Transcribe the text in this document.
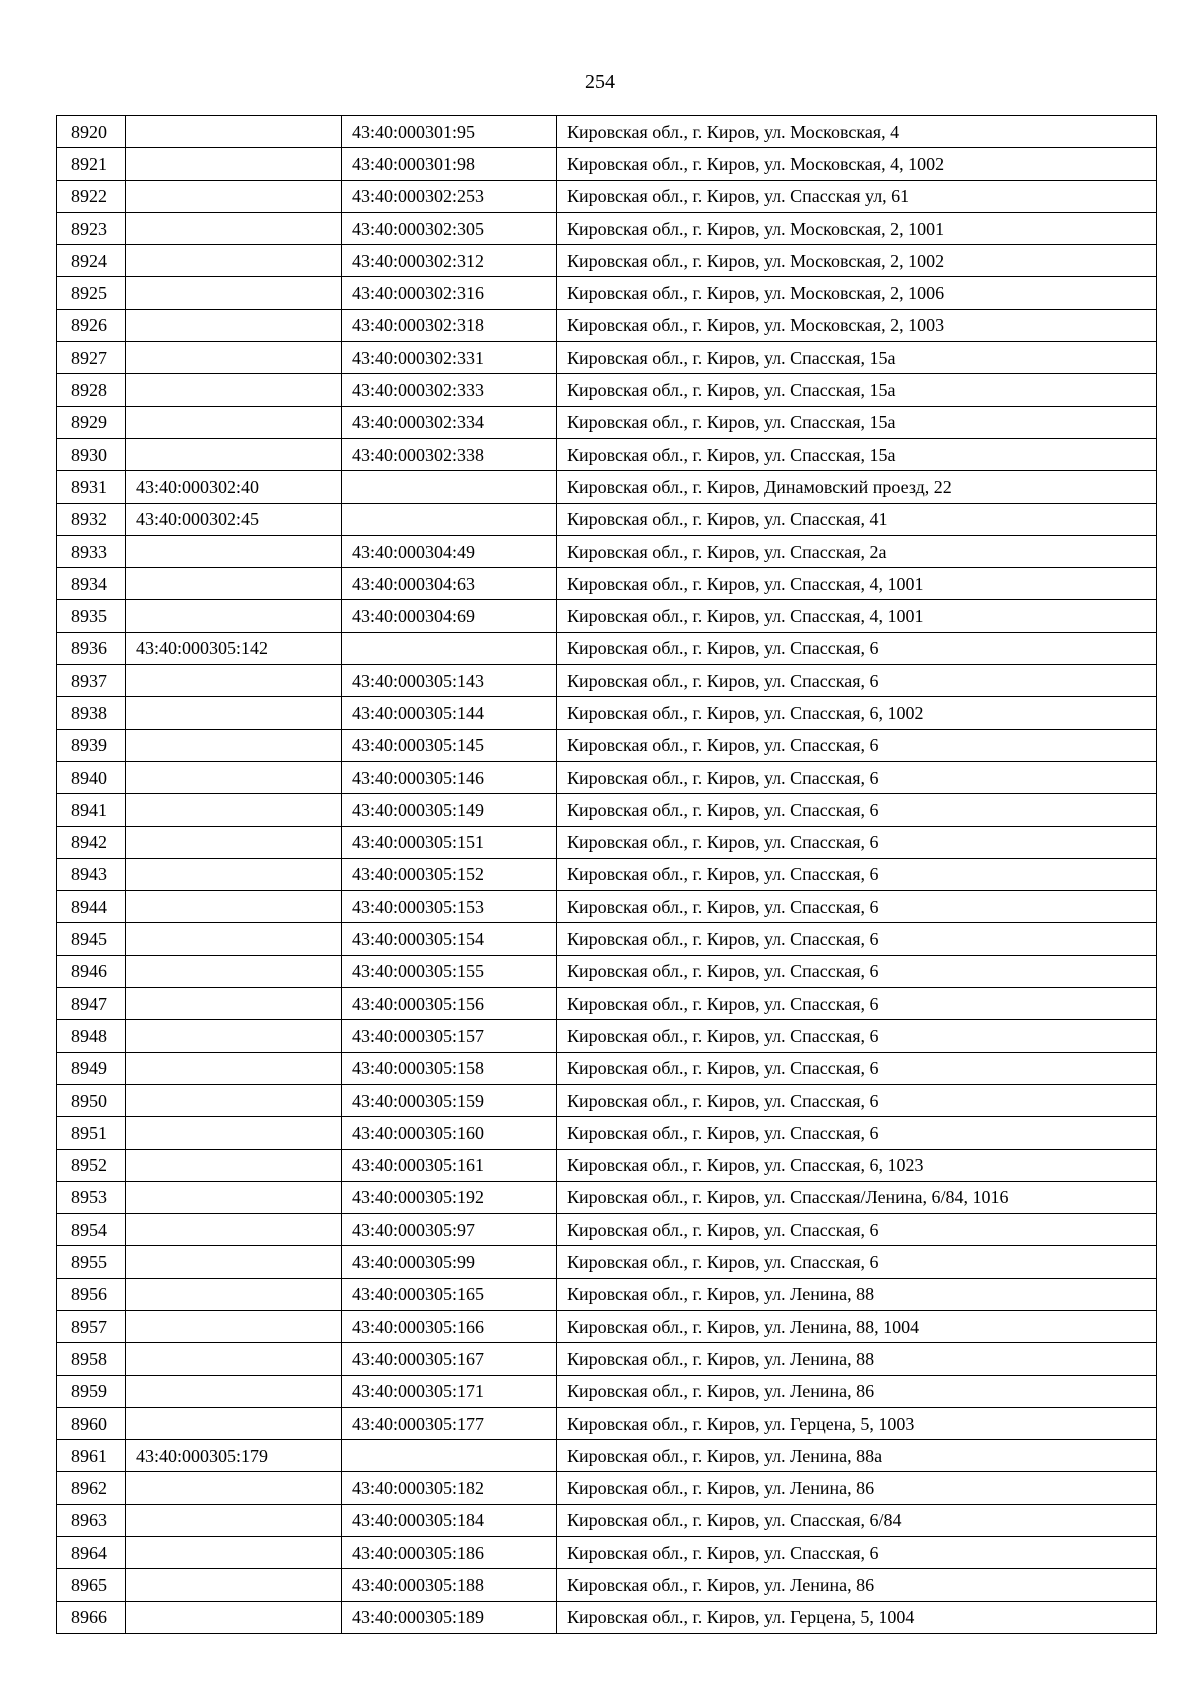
254
8920		43:40:000301:95	Кировская обл., г. Киров, ул. Московская, 4
8921		43:40:000301:98	Кировская обл., г. Киров, ул. Московская, 4, 1002
8922		43:40:000302:253	Кировская обл., г. Киров, ул. Спасская ул, 61
8923		43:40:000302:305	Кировская обл., г. Киров, ул. Московская, 2, 1001
8924		43:40:000302:312	Кировская обл., г. Киров, ул. Московская, 2, 1002
8925		43:40:000302:316	Кировская обл., г. Киров, ул. Московская, 2, 1006
8926		43:40:000302:318	Кировская обл., г. Киров, ул. Московская, 2, 1003
8927		43:40:000302:331	Кировская обл., г. Киров, ул. Спасская, 15а
8928		43:40:000302:333	Кировская обл., г. Киров, ул. Спасская, 15а
8929		43:40:000302:334	Кировская обл., г. Киров, ул. Спасская, 15а
8930		43:40:000302:338	Кировская обл., г. Киров, ул. Спасская, 15а
8931	43:40:000302:40		Кировская обл., г. Киров, Динамовский проезд, 22
8932	43:40:000302:45		Кировская обл., г. Киров, ул. Спасская, 41
8933		43:40:000304:49	Кировская обл., г. Киров, ул. Спасская, 2а
8934		43:40:000304:63	Кировская обл., г. Киров, ул. Спасская, 4, 1001
8935		43:40:000304:69	Кировская обл., г. Киров, ул. Спасская, 4, 1001
8936	43:40:000305:142		Кировская обл., г. Киров, ул. Спасская, 6
8937		43:40:000305:143	Кировская обл., г. Киров, ул. Спасская, 6
8938		43:40:000305:144	Кировская обл., г. Киров, ул. Спасская, 6, 1002
8939		43:40:000305:145	Кировская обл., г. Киров, ул. Спасская, 6
8940		43:40:000305:146	Кировская обл., г. Киров, ул. Спасская, 6
8941		43:40:000305:149	Кировская обл., г. Киров, ул. Спасская, 6
8942		43:40:000305:151	Кировская обл., г. Киров, ул. Спасская, 6
8943		43:40:000305:152	Кировская обл., г. Киров, ул. Спасская, 6
8944		43:40:000305:153	Кировская обл., г. Киров, ул. Спасская, 6
8945		43:40:000305:154	Кировская обл., г. Киров, ул. Спасская, 6
8946		43:40:000305:155	Кировская обл., г. Киров, ул. Спасская, 6
8947		43:40:000305:156	Кировская обл., г. Киров, ул. Спасская, 6
8948		43:40:000305:157	Кировская обл., г. Киров, ул. Спасская, 6
8949		43:40:000305:158	Кировская обл., г. Киров, ул. Спасская, 6
8950		43:40:000305:159	Кировская обл., г. Киров, ул. Спасская, 6
8951		43:40:000305:160	Кировская обл., г. Киров, ул. Спасская, 6
8952		43:40:000305:161	Кировская обл., г. Киров, ул. Спасская, 6, 1023
8953		43:40:000305:192	Кировская обл., г. Киров, ул. Спасская/Ленина, 6/84, 1016
8954		43:40:000305:97	Кировская обл., г. Киров, ул. Спасская, 6
8955		43:40:000305:99	Кировская обл., г. Киров, ул. Спасская, 6
8956		43:40:000305:165	Кировская обл., г. Киров, ул. Ленина, 88
8957		43:40:000305:166	Кировская обл., г. Киров, ул. Ленина, 88, 1004
8958		43:40:000305:167	Кировская обл., г. Киров, ул. Ленина, 88
8959		43:40:000305:171	Кировская обл., г. Киров, ул. Ленина, 86
8960		43:40:000305:177	Кировская обл., г. Киров, ул. Герцена, 5, 1003
8961	43:40:000305:179		Кировская обл., г. Киров, ул. Ленина, 88а
8962		43:40:000305:182	Кировская обл., г. Киров, ул. Ленина, 86
8963		43:40:000305:184	Кировская обл., г. Киров, ул. Спасская, 6/84
8964		43:40:000305:186	Кировская обл., г. Киров, ул. Спасская, 6
8965		43:40:000305:188	Кировская обл., г. Киров, ул. Ленина, 86
8966		43:40:000305:189	Кировская обл., г. Киров, ул. Герцена, 5, 1004
